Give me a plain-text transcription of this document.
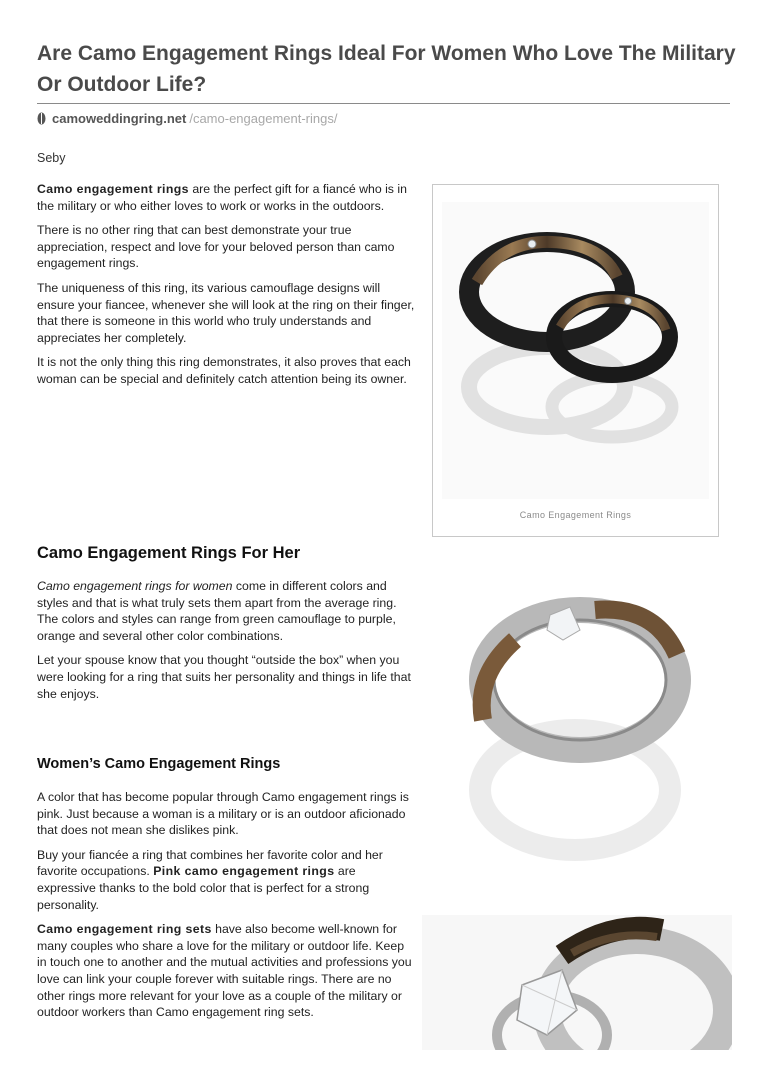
Are Camo Engagement Rings Ideal For Women Who Love The Military Or Outdoor Life?
camoweddingring.net /camo-engagement-rings/
Seby

Camo engagement rings are the perfect gift for a fiancé who is in the military or who either loves to work or works in the outdoors.

There is no other ring that can best demonstrate your true appreciation, respect and love for your beloved person than camo engagement rings.

The uniqueness of this ring, its various camouflage designs will ensure your fiancee, whenever she will look at the ring on their finger, that there is someone in this world who truly understands and appreciates her completely.

It is not the only thing this ring demonstrates, it also proves that each woman can be special and definitely catch attention being its owner.

Camo Engagement Rings
Camo Engagement Rings For Her

Camo engagement rings for women come in different colors and styles and that is what truly sets them apart from the average ring. The colors and styles can range from green camouflage to purple, orange and several other color combinations.

Let your spouse know that you thought “outside the box” when you were looking for a ring that suits her personality and things in life that she enjoys.

Women’s Camo Engagement Rings

A color that has become popular through Camo engagement rings is pink. Just because a woman is a military or is an outdoor aficionado that does not mean she dislikes pink.

Buy your fiancée a ring that combines her favorite color and her favorite occupations. Pink camo engagement rings are expressive thanks to the bold color that is perfect for a strong personality.

Camo engagement ring sets have also become well-known for many couples who share a love for the military or outdoor life. Keep in touch one to another and the mutual activities and professions you love can link your couple forever with suitable rings. There are no other rings more relevant for your love as a couple of the military or outdoor workers than Camo engagement ring sets.
